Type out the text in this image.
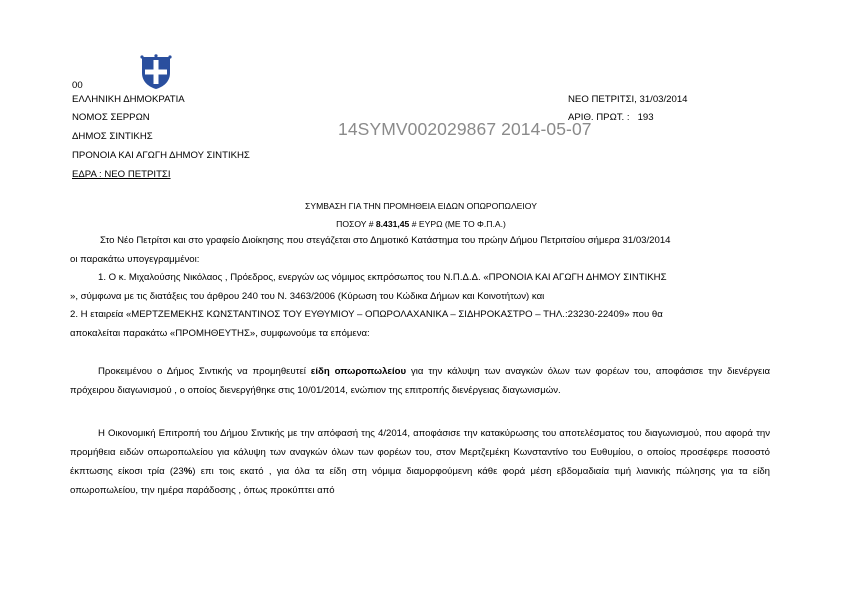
00
ΕΛΛΗΝΙΚΗ ΔΗΜΟΚΡΑΤΙΑ
ΝΟΜΟΣ ΣΕΡΡΩΝ
ΔΗΜΟΣ ΣΙΝΤΙΚΗΣ
ΠΡΟΝΟΙΑ ΚΑΙ ΑΓΩΓΗ ΔΗΜΟΥ ΣΙΝΤΙΚΗΣ
ΕΔΡΑ : ΝΕΟ ΠΕΤΡΙΤΣΙ
ΝΕΟ ΠΕΤΡΙΤΣΙ, 31/03/2014
ΑΡΙΘ. ΠΡΩΤ. : 193
14SYMV002029867 2014-05-07
ΣΥΜΒΑΣΗ ΓΙΑ ΤΗΝ ΠΡΟΜΗΘΕΙΑ ΕΙΔΩΝ ΟΠΩΡΟΠΩΛΕΙΟΥ
ΠΟΣΟΥ # 8.431,45 # ΕΥΡΩ (ΜΕ ΤΟ Φ.Π.Α.)
Στο Νέο Πετρίτσι και στο γραφείο Διοίκησης που στεγάζεται στο Δημοτικό Κατάστημα του πρώην Δήμου Πετριτσίου σήμερα 31/03/2014
οι παρακάτω υπογεγραμμένοι:
1. Ο κ. Μιχαλούσης Νικόλαος , Πρόεδρος, ενεργών ως νόμιμος εκπρόσωπος του Ν.Π.Δ.Δ. «ΠΡΟΝΟΙΑ ΚΑΙ ΑΓΩΓΗ ΔΗΜΟΥ ΣΙΝΤΙΚΗΣ
», σύμφωνα με τις διατάξεις του άρθρου 240 του Ν. 3463/2006 (Κύρωση του Κώδικα Δήμων και Κοινοτήτων) και
2. Η εταιρεία «ΜΕΡΤΖΕΜΕΚΗΣ ΚΩΝΣΤΑΝΤΙΝΟΣ ΤΟΥ ΕΥΘΥΜΙΟΥ – ΟΠΩΡΟΛΑΧΑΝΙΚΑ – ΣΙΔΗΡΟΚΑΣΤΡΟ – ΤΗΛ.:23230-22409» που θα
αποκαλείται παρακάτω «ΠΡΟΜΗΘΕΥΤΗΣ», συμφωνούμε τα επόμενα:
Προκειμένου ο Δήμος Σιντικής να προμηθευτεί είδη οπωροπωλείου για την κάλυψη των αναγκών όλων των φορέων του, αποφάσισε την διενέργεια πρόχειρου διαγωνισμού , ο οποίος διενεργήθηκε στις 10/01/2014, ενώπιον της επιτροπής διενέργειας διαγωνισμών.
Η Οικονομική Επιτροπή του Δήμου Σιντικής με την απόφασή της 4/2014, αποφάσισε την κατακύρωσης του αποτελέσματος του διαγωνισμού, που αφορά την προμήθεια ειδών οπωροπωλείου για κάλυψη των αναγκών όλων των φορέων του, στον Μερτζεμέκη Κωνσταντίνο του Ευθυμίου, ο οποίος προσέφερε ποσοστό έκπτωσης είκοσι τρία (23%) επι τοις εκατό , για όλα τα είδη στη νόμιμα διαμορφούμενη κάθε φορά μέση εβδομαδιαία τιμή λιανικής πώλησης για τα είδη οπωροπωλείου, την ημέρα παράδοσης , όπως προκύπτει από
